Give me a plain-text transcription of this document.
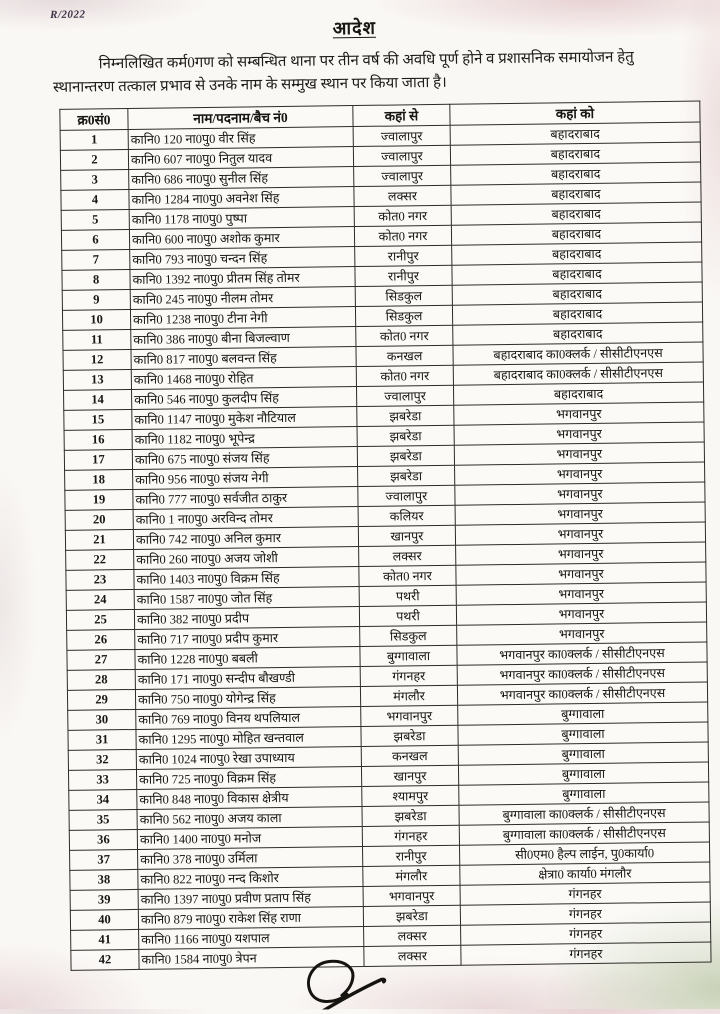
R/2022
आदेश

निम्नलिखित कर्म0गण को सम्बन्धित थाना पर तीन वर्ष की अवधि पूर्ण होने व प्रशासनिक समायोजन हेतु
स्थानान्तरण तत्काल प्रभाव से उनके नाम के सम्मुख स्थान पर किया जाता है।

क्र0सं0	नाम/पदनाम/बैच नं0	कहां से	कहां को
1	कानि0 120 ना0पु0 वीर सिंह	ज्वालापुर	बहादराबाद
2	कानि0 607 ना0पु0 नितुल यादव	ज्वालापुर	बहादराबाद
3	कानि0 686 ना0पु0 सुनील सिंह	ज्वालापुर	बहादराबाद
4	कानि0 1284 ना0पु0 अवनेश सिंह	लक्सर	बहादराबाद
5	कानि0 1178 ना0पु0 पुष्पा	कोत0 नगर	बहादराबाद
6	कानि0 600 ना0पु0 अशोक कुमार	कोत0 नगर	बहादराबाद
7	कानि0 793 ना0पु0 चन्दन सिंह	रानीपुर	बहादराबाद
8	कानि0 1392 ना0पु0 प्रीतम सिंह तोमर	रानीपुर	बहादराबाद
9	कानि0 245 ना0पु0 नीलम तोमर	सिडकुल	बहादराबाद
10	कानि0 1238 ना0पु0 टीना नेगी	सिडकुल	बहादराबाद
11	कानि0 386 ना0पु0 बीना बिजल्वाण	कोत0 नगर	बहादराबाद
12	कानि0 817 ना0पु0 बलवन्त सिंह	कनखल	बहादराबाद का0क्लर्क / सीसीटीएनएस
13	कानि0 1468 ना0पु0 रोहित	कोत0 नगर	बहादराबाद का0क्लर्क / सीसीटीएनएस
14	कानि0 546 ना0पु0 कुलदीप सिंह	ज्वालापुर	बहादराबाद
15	कानि0 1147 ना0पु0 मुकेश नौटियाल	झबरेडा	भगवानपुर
16	कानि0 1182 ना0पु0 भूपेन्द्र	झबरेडा	भगवानपुर
17	कानि0 675 ना0पु0 संजय सिंह	झबरेडा	भगवानपुर
18	कानि0 956 ना0पु0 संजय नेगी	झबरेडा	भगवानपुर
19	कानि0 777 ना0पु0 सर्वजीत ठाकुर	ज्वालापुर	भगवानपुर
20	कानि0 1 ना0पु0 अरविन्द तोमर	कलियर	भगवानपुर
21	कानि0 742 ना0पु0 अनिल कुमार	खानपुर	भगवानपुर
22	कानि0 260 ना0पु0 अजय जोशी	लक्सर	भगवानपुर
23	कानि0 1403 ना0पु0 विक्रम सिंह	कोत0 नगर	भगवानपुर
24	कानि0 1587 ना0पु0 जोत सिंह	पथरी	भगवानपुर
25	कानि0 382 ना0पु0 प्रदीप	पथरी	भगवानपुर
26	कानि0 717 ना0पु0 प्रदीप कुमार	सिडकुल	भगवानपुर
27	कानि0 1228 ना0पु0 बबली	बुग्गावाला	भगवानपुर का0क्लर्क / सीसीटीएनएस
28	कानि0 171 ना0पु0 सन्दीप बौखण्डी	गंगनहर	भगवानपुर का0क्लर्क / सीसीटीएनएस
29	कानि0 750 ना0पु0 योगेन्द्र सिंह	मंगलौर	भगवानपुर का0क्लर्क / सीसीटीएनएस
30	कानि0 769 ना0पु0 विनय थपलियाल	भगवानपुर	बुग्गावाला
31	कानि0 1295 ना0पु0 मोहित खन्तवाल	झबरेडा	बुग्गावाला
32	कानि0 1024 ना0पु0 रेखा उपाध्याय	कनखल	बुग्गावाला
33	कानि0 725 ना0पु0 विक्रम सिंह	खानपुर	बुग्गावाला
34	कानि0 848 ना0पु0 विकास क्षेत्रीय	श्यामपुर	बुग्गावाला
35	कानि0 562 ना0पु0 अजय काला	झबरेडा	बुग्गावाला का0क्लर्क / सीसीटीएनएस
36	कानि0 1400 ना0पु0 मनोज	गंगनहर	बुग्गावाला का0क्लर्क / सीसीटीएनएस
37	कानि0 378 ना0पु0 उर्मिला	रानीपुर	सी0एम0 हैल्प लाईन, पु0कार्या0
38	कानि0 822 ना0पु0 नन्द किशोर	मंगलौर	क्षेत्रा0 कार्या0 मंगलौर
39	कानि0 1397 ना0पु0 प्रवीण प्रताप सिंह	भगवानपुर	गंगनहर
40	कानि0 879 ना0पु0 राकेश सिंह राणा	झबरेडा	गंगनहर
41	कानि0 1166 ना0पु0 यशपाल	लक्सर	गंगनहर
42	कानि0 1584 ना0पु0 त्रेपन	लक्सर	गंगनहर
